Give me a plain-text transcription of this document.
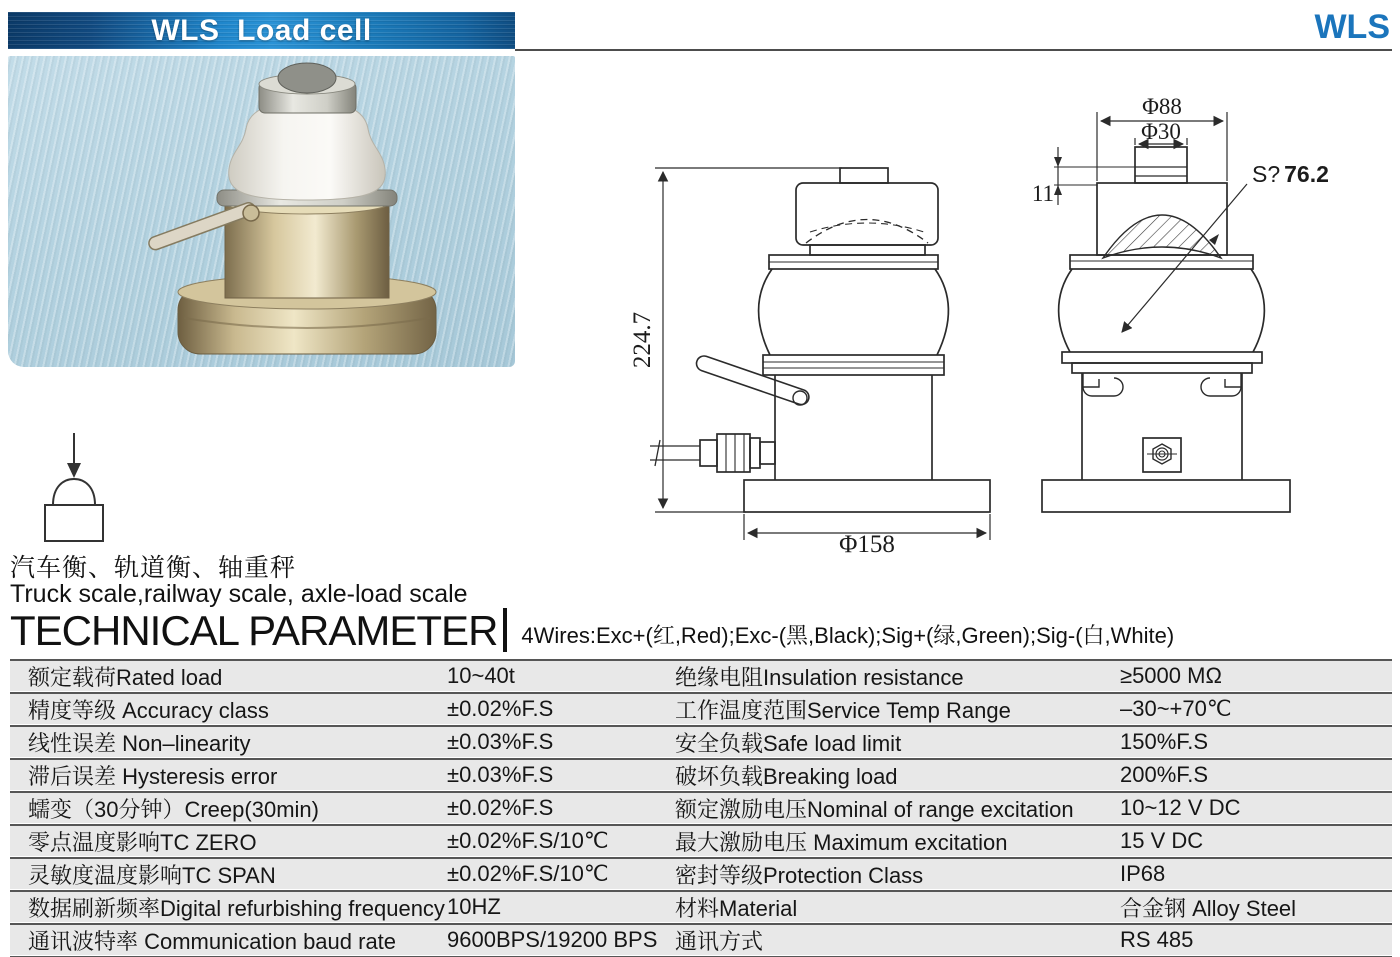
WLS  Load cell	WLS
224.7
Φ158
Φ88
Φ30
11
S? 76.2
汽车衡、轨道衡、轴重秤
Truck scale,railway scale, axle-load scale
TECHNICAL PARAMETER 4Wires:Exc+(红,Red);Exc-(黑,Black);Sig+(绿,Green);Sig-(白,White)
额定载荷Rated load	10~40t	绝缘电阻Insulation resistance	≥5000 MΩ
精度等级 Accuracy class	±0.02%F.S	工作温度范围Service Temp Range	–30~+70℃
线性误差 Non–linearity	±0.03%F.S	安全负载Safe load limit	150%F.S
滞后误差 Hysteresis error	±0.03%F.S	破坏负载Breaking load	200%F.S
蠕变（30分钟）Creep(30min)	±0.02%F.S	额定激励电压Nominal of range excitation	10~12 V DC
零点温度影响TC ZERO	±0.02%F.S/10℃	最大激励电压 Maximum excitation	15 V DC
灵敏度温度影响TC SPAN	±0.02%F.S/10℃	密封等级Protection Class	IP68
数据刷新频率Digital refurbishing frequency 10HZ	材料Material	合金钢 Alloy Steel
通讯波特率 Communication baud rate	9600BPS/19200 BPS 通讯方式	RS 485
